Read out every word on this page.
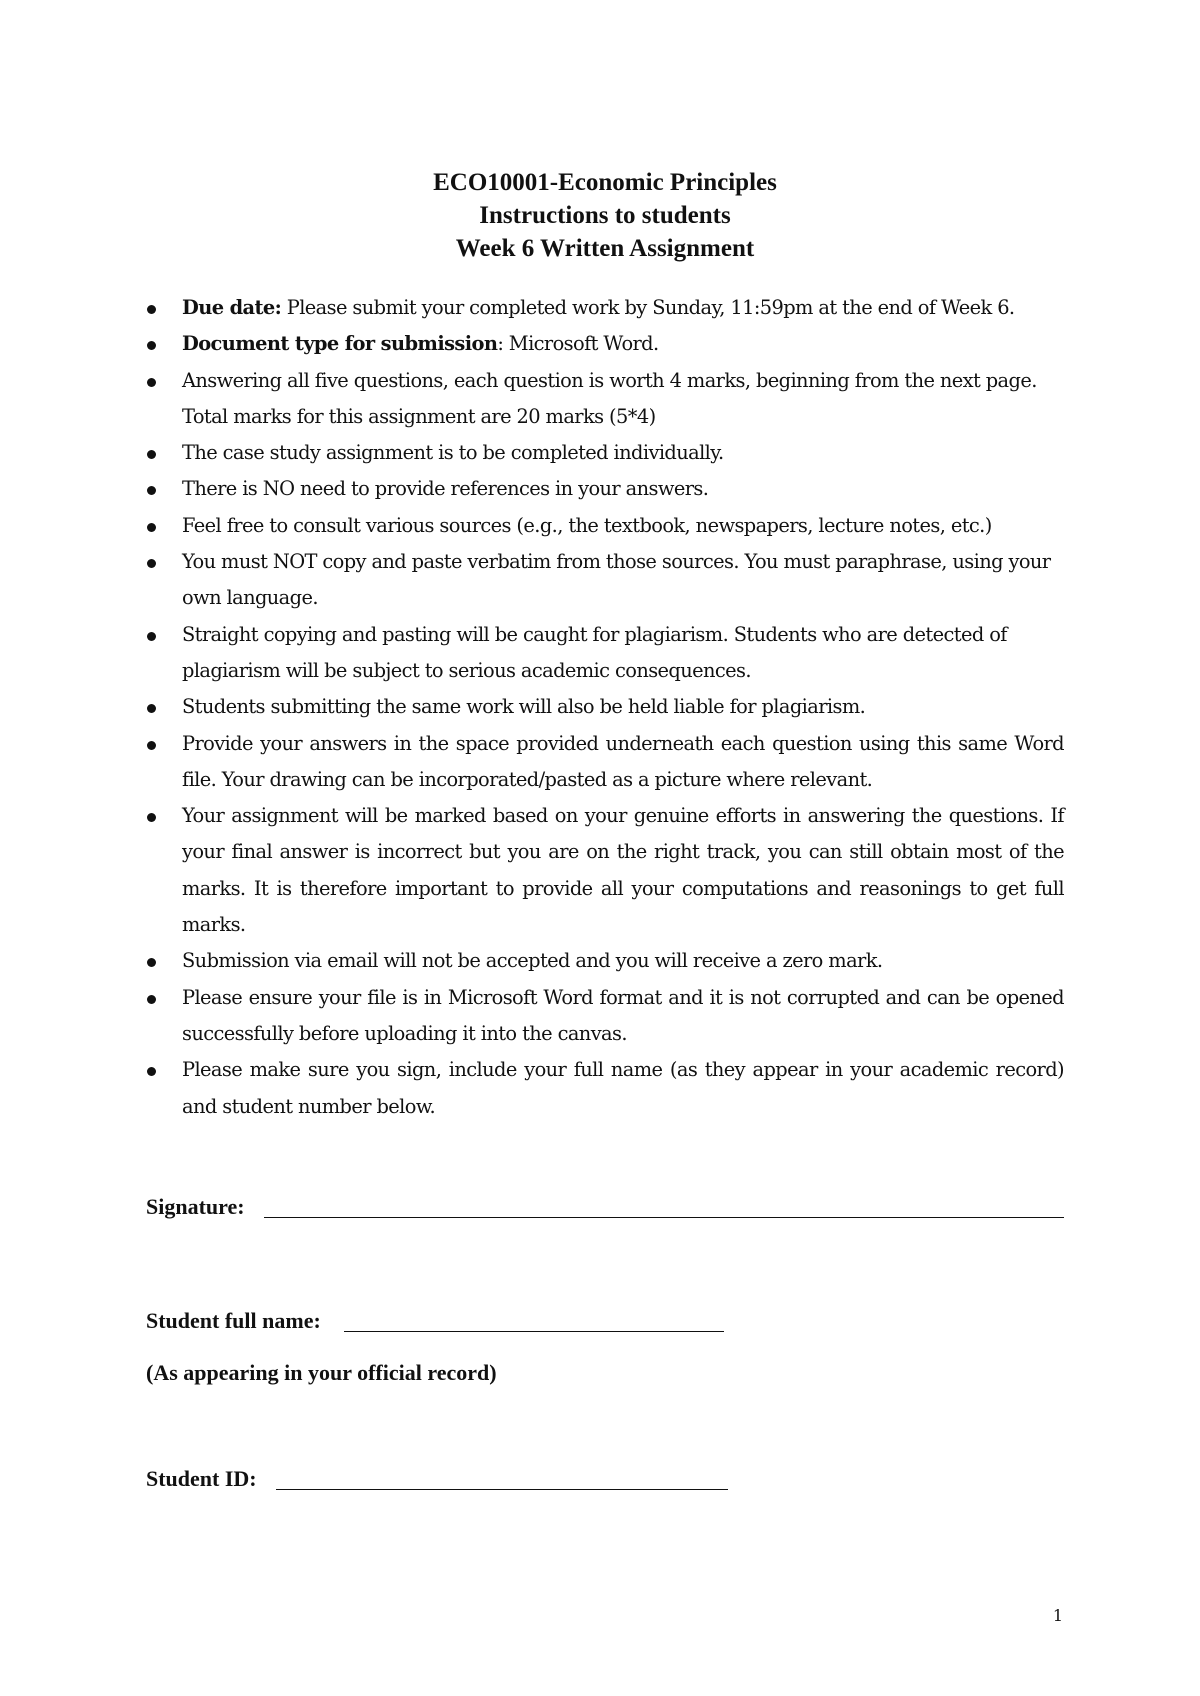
ECO10001-Economic Principles
Instructions to students
Week 6 Written Assignment
Due date: Please submit your completed work by Sunday, 11:59pm at the end of Week 6.
Document type for submission: Microsoft Word.
Answering all five questions, each question is worth 4 marks, beginning from the next page. Total marks for this assignment are 20 marks (5*4)
The case study assignment is to be completed individually.
There is NO need to provide references in your answers.
Feel free to consult various sources (e.g., the textbook, newspapers, lecture notes, etc.)
You must NOT copy and paste verbatim from those sources. You must paraphrase, using your own language.
Straight copying and pasting will be caught for plagiarism. Students who are detected of plagiarism will be subject to serious academic consequences.
Students submitting the same work will also be held liable for plagiarism.
Provide your answers in the space provided underneath each question using this same Word file. Your drawing can be incorporated/pasted as a picture where relevant.
Your assignment will be marked based on your genuine efforts in answering the questions. If your final answer is incorrect but you are on the right track, you can still obtain most of the marks. It is therefore important to provide all your computations and reasonings to get full marks.
Submission via email will not be accepted and you will receive a zero mark.
Please ensure your file is in Microsoft Word format and it is not corrupted and can be opened successfully before uploading it into the canvas.
Please make sure you sign, include your full name (as they appear in your academic record) and student number below.
Signature:
Student full name:
(As appearing in your official record)
Student ID:
1
